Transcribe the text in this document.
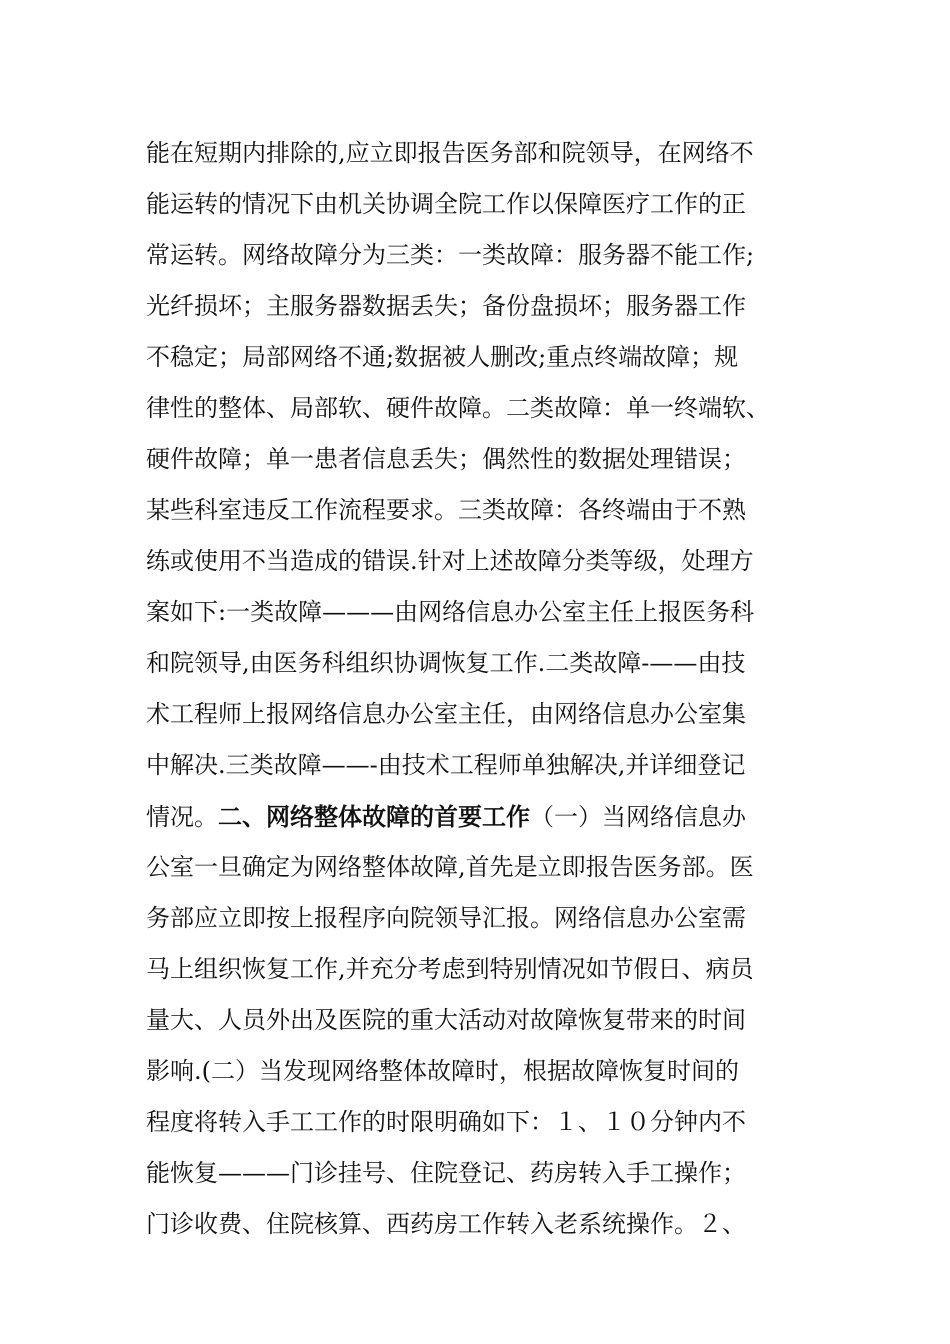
能在短期内排除的,应立即报告医务部和院领导，在网络不
能运转的情况下由机关协调全院工作以保障医疗工作的正
常运转。网络故障分为三类：一类故障：服务器不能工作;
光纤损坏；主服务器数据丢失；备份盘损坏；服务器工作
不稳定；局部网络不通;数据被人删改;重点终端故障；规
律性的整体、局部软、硬件故障。二类故障：单一终端软、
硬件故障；单一患者信息丢失；偶然性的数据处理错误；
某些科室违反工作流程要求。三类故障：各终端由于不熟
练或使用不当造成的错误.针对上述故障分类等级，处理方
案如下:一类故障———由网络信息办公室主任上报医务科
和院领导,由医务科组织协调恢复工作.二类故障-——由技
术工程师上报网络信息办公室主任，由网络信息办公室集
中解决.三类故障——-由技术工程师单独解决,并详细登记
情况。二、网络整体故障的首要工作（一）当网络信息办
公室一旦确定为网络整体故障,首先是立即报告医务部。医
务部应立即按上报程序向院领导汇报。网络信息办公室需
马上组织恢复工作,并充分考虑到特别情况如节假日、病员
量大、人员外出及医院的重大活动对故障恢复带来的时间
影响.(二）当发现网络整体故障时，根据故障恢复时间的
程度将转入手工工作的时限明确如下：１、１０分钟内不
能恢复———门诊挂号、住院登记、药房转入手工操作；
门诊收费、住院核算、西药房工作转入老系统操作。２、
